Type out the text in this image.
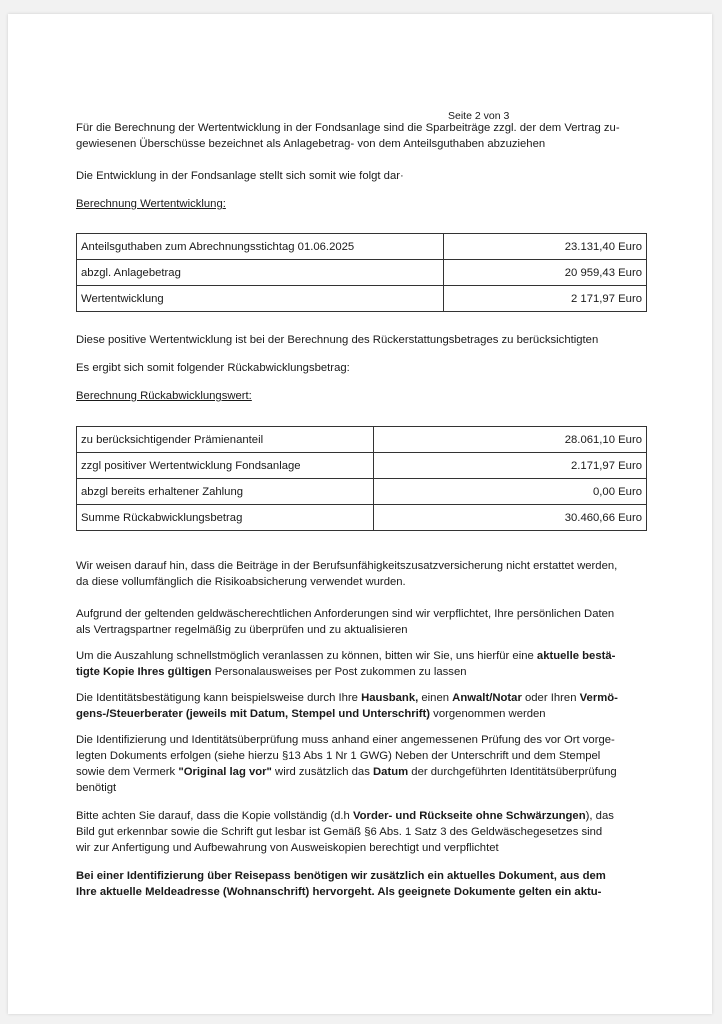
Seite 2 von 3
Für die Berechnung der Wertentwicklung in der Fondsanlage sind die Sparbeiträge zzgl. der dem Vertrag zu-
gewiesenen Überschüsse bezeichnet als Anlagebetrag- von dem Anteilsguthaben abzuziehen
Die Entwicklung in der Fondsanlage stellt sich somit wie folgt dar·
Berechnung Wertentwicklung:
Anteilsguthaben zum Abrechnungsstichtag 01.06.2025	23.131,40 Euro
abzgl. Anlagebetrag	20 959,43 Euro
Wertentwicklung	2 171,97 Euro
Diese positive Wertentwicklung ist bei der Berechnung des Rückerstattungsbetrages zu berücksichtigten
Es ergibt sich somit folgender Rückabwicklungsbetrag:
Berechnung Rückabwicklungswert:
zu berücksichtigender Prämienanteil	28.061,10 Euro
zzgl positiver Wertentwicklung Fondsanlage	2.171,97 Euro
abzgl bereits erhaltener Zahlung	0,00 Euro
Summe Rückabwicklungsbetrag	30.460,66 Euro
Wir weisen darauf hin, dass die Beiträge in der Berufsunfähigkeitszusatzversicherung nicht erstattet werden,
da diese vollumfänglich die Risikoabsicherung verwendet wurden.
Aufgrund der geltenden geldwäscherechtlichen Anforderungen sind wir verpflichtet, Ihre persönlichen Daten
als Vertragspartner regelmäßig zu überprüfen und zu aktualisieren
Um die Auszahlung schnellstmöglich veranlassen zu können, bitten wir Sie, uns hierfür eine aktuelle bestä-
tigte Kopie Ihres gültigen Personalausweises per Post zukommen zu lassen
Die Identitätsbestätigung kann beispielsweise durch Ihre Hausbank, einen Anwalt/Notar oder Ihren Vermö-
gens-/Steuerberater (jeweils mit Datum, Stempel und Unterschrift) vorgenommen werden
Die Identifizierung und Identitätsüberprüfung muss anhand einer angemessenen Prüfung des vor Ort vorge-
legten Dokuments erfolgen (siehe hierzu §13 Abs 1 Nr 1 GWG) Neben der Unterschrift und dem Stempel
sowie dem Vermerk "Original lag vor" wird zusätzlich das Datum der durchgeführten Identitätsüberprüfung
benötigt
Bitte achten Sie darauf, dass die Kopie vollständig (d.h Vorder- und Rückseite ohne Schwärzungen), das
Bild gut erkennbar sowie die Schrift gut lesbar ist Gemäß §6 Abs. 1 Satz 3 des Geldwäschegesetzes sind
wir zur Anfertigung und Aufbewahrung von Ausweiskopien berechtigt und verpflichtet
Bei einer Identifizierung über Reisepass benötigen wir zusätzlich ein aktuelles Dokument, aus dem
Ihre aktuelle Meldeadresse (Wohnanschrift) hervorgeht. Als geeignete Dokumente gelten ein aktu-
